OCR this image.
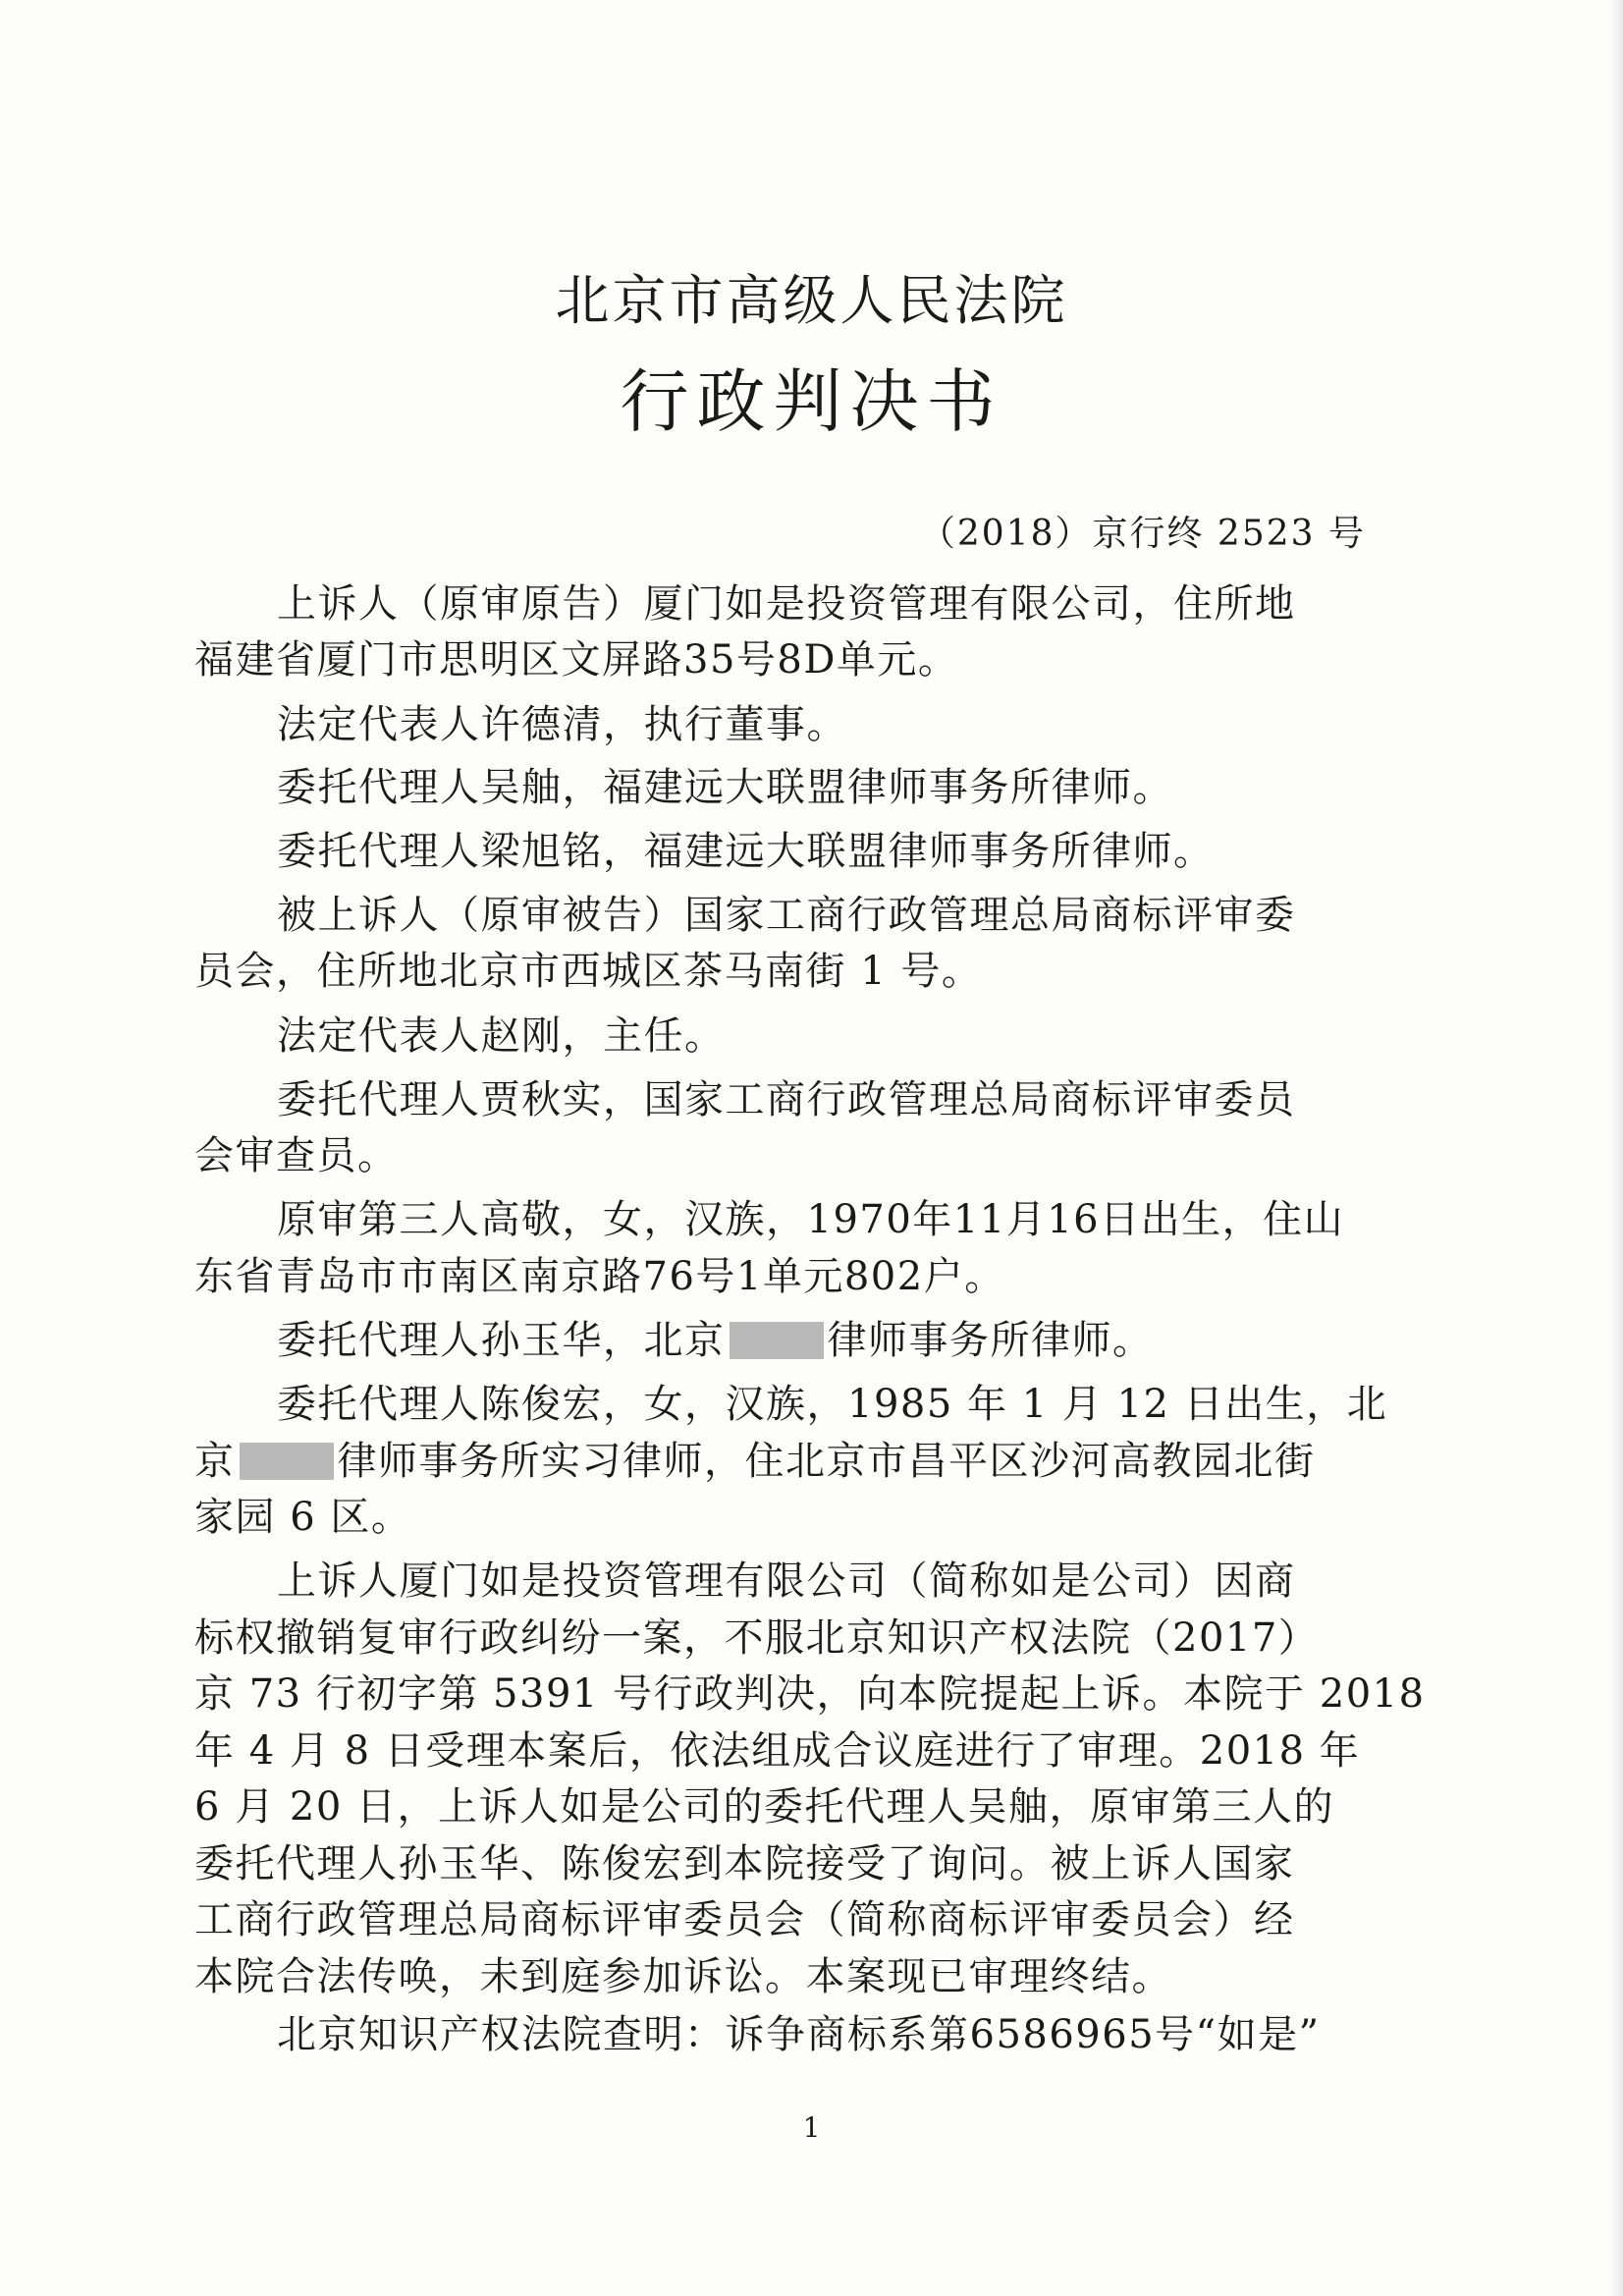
北京市高级人民法院
行政判决书
（2018）京行终 2523 号
上诉人（原审原告）厦门如是投资管理有限公司，住所地
福建省厦门市思明区文屏路35号8D单元。
法定代表人许德清，执行董事。
委托代理人吴舳，福建远大联盟律师事务所律师。
委托代理人梁旭铭，福建远大联盟律师事务所律师。
被上诉人（原审被告）国家工商行政管理总局商标评审委
员会，住所地北京市西城区茶马南街 1 号。
法定代表人赵刚，主任。
委托代理人贾秋实，国家工商行政管理总局商标评审委员
会审查员。
原审第三人高敬，女，汉族，1970年11月16日出生，住山
东省青岛市市南区南京路76号1单元802户。
委托代理人孙玉华，北京	律师事务所律师。
委托代理人陈俊宏，女，汉族，1985 年 1 月 12 日出生，北
京	律师事务所实习律师，住北京市昌平区沙河高教园北街
家园 6 区。
上诉人厦门如是投资管理有限公司（简称如是公司）因商
标权撤销复审行政纠纷一案，不服北京知识产权法院（2017）
京 73 行初字第 5391 号行政判决，向本院提起上诉。本院于 2018
年 4 月 8 日受理本案后，依法组成合议庭进行了审理。2018 年
6 月 20 日，上诉人如是公司的委托代理人吴舳，原审第三人的
委托代理人孙玉华、陈俊宏到本院接受了询问。被上诉人国家
工商行政管理总局商标评审委员会（简称商标评审委员会）经
本院合法传唤，未到庭参加诉讼。本案现已审理终结。
北京知识产权法院查明：诉争商标系第6586965号“如是”
1
